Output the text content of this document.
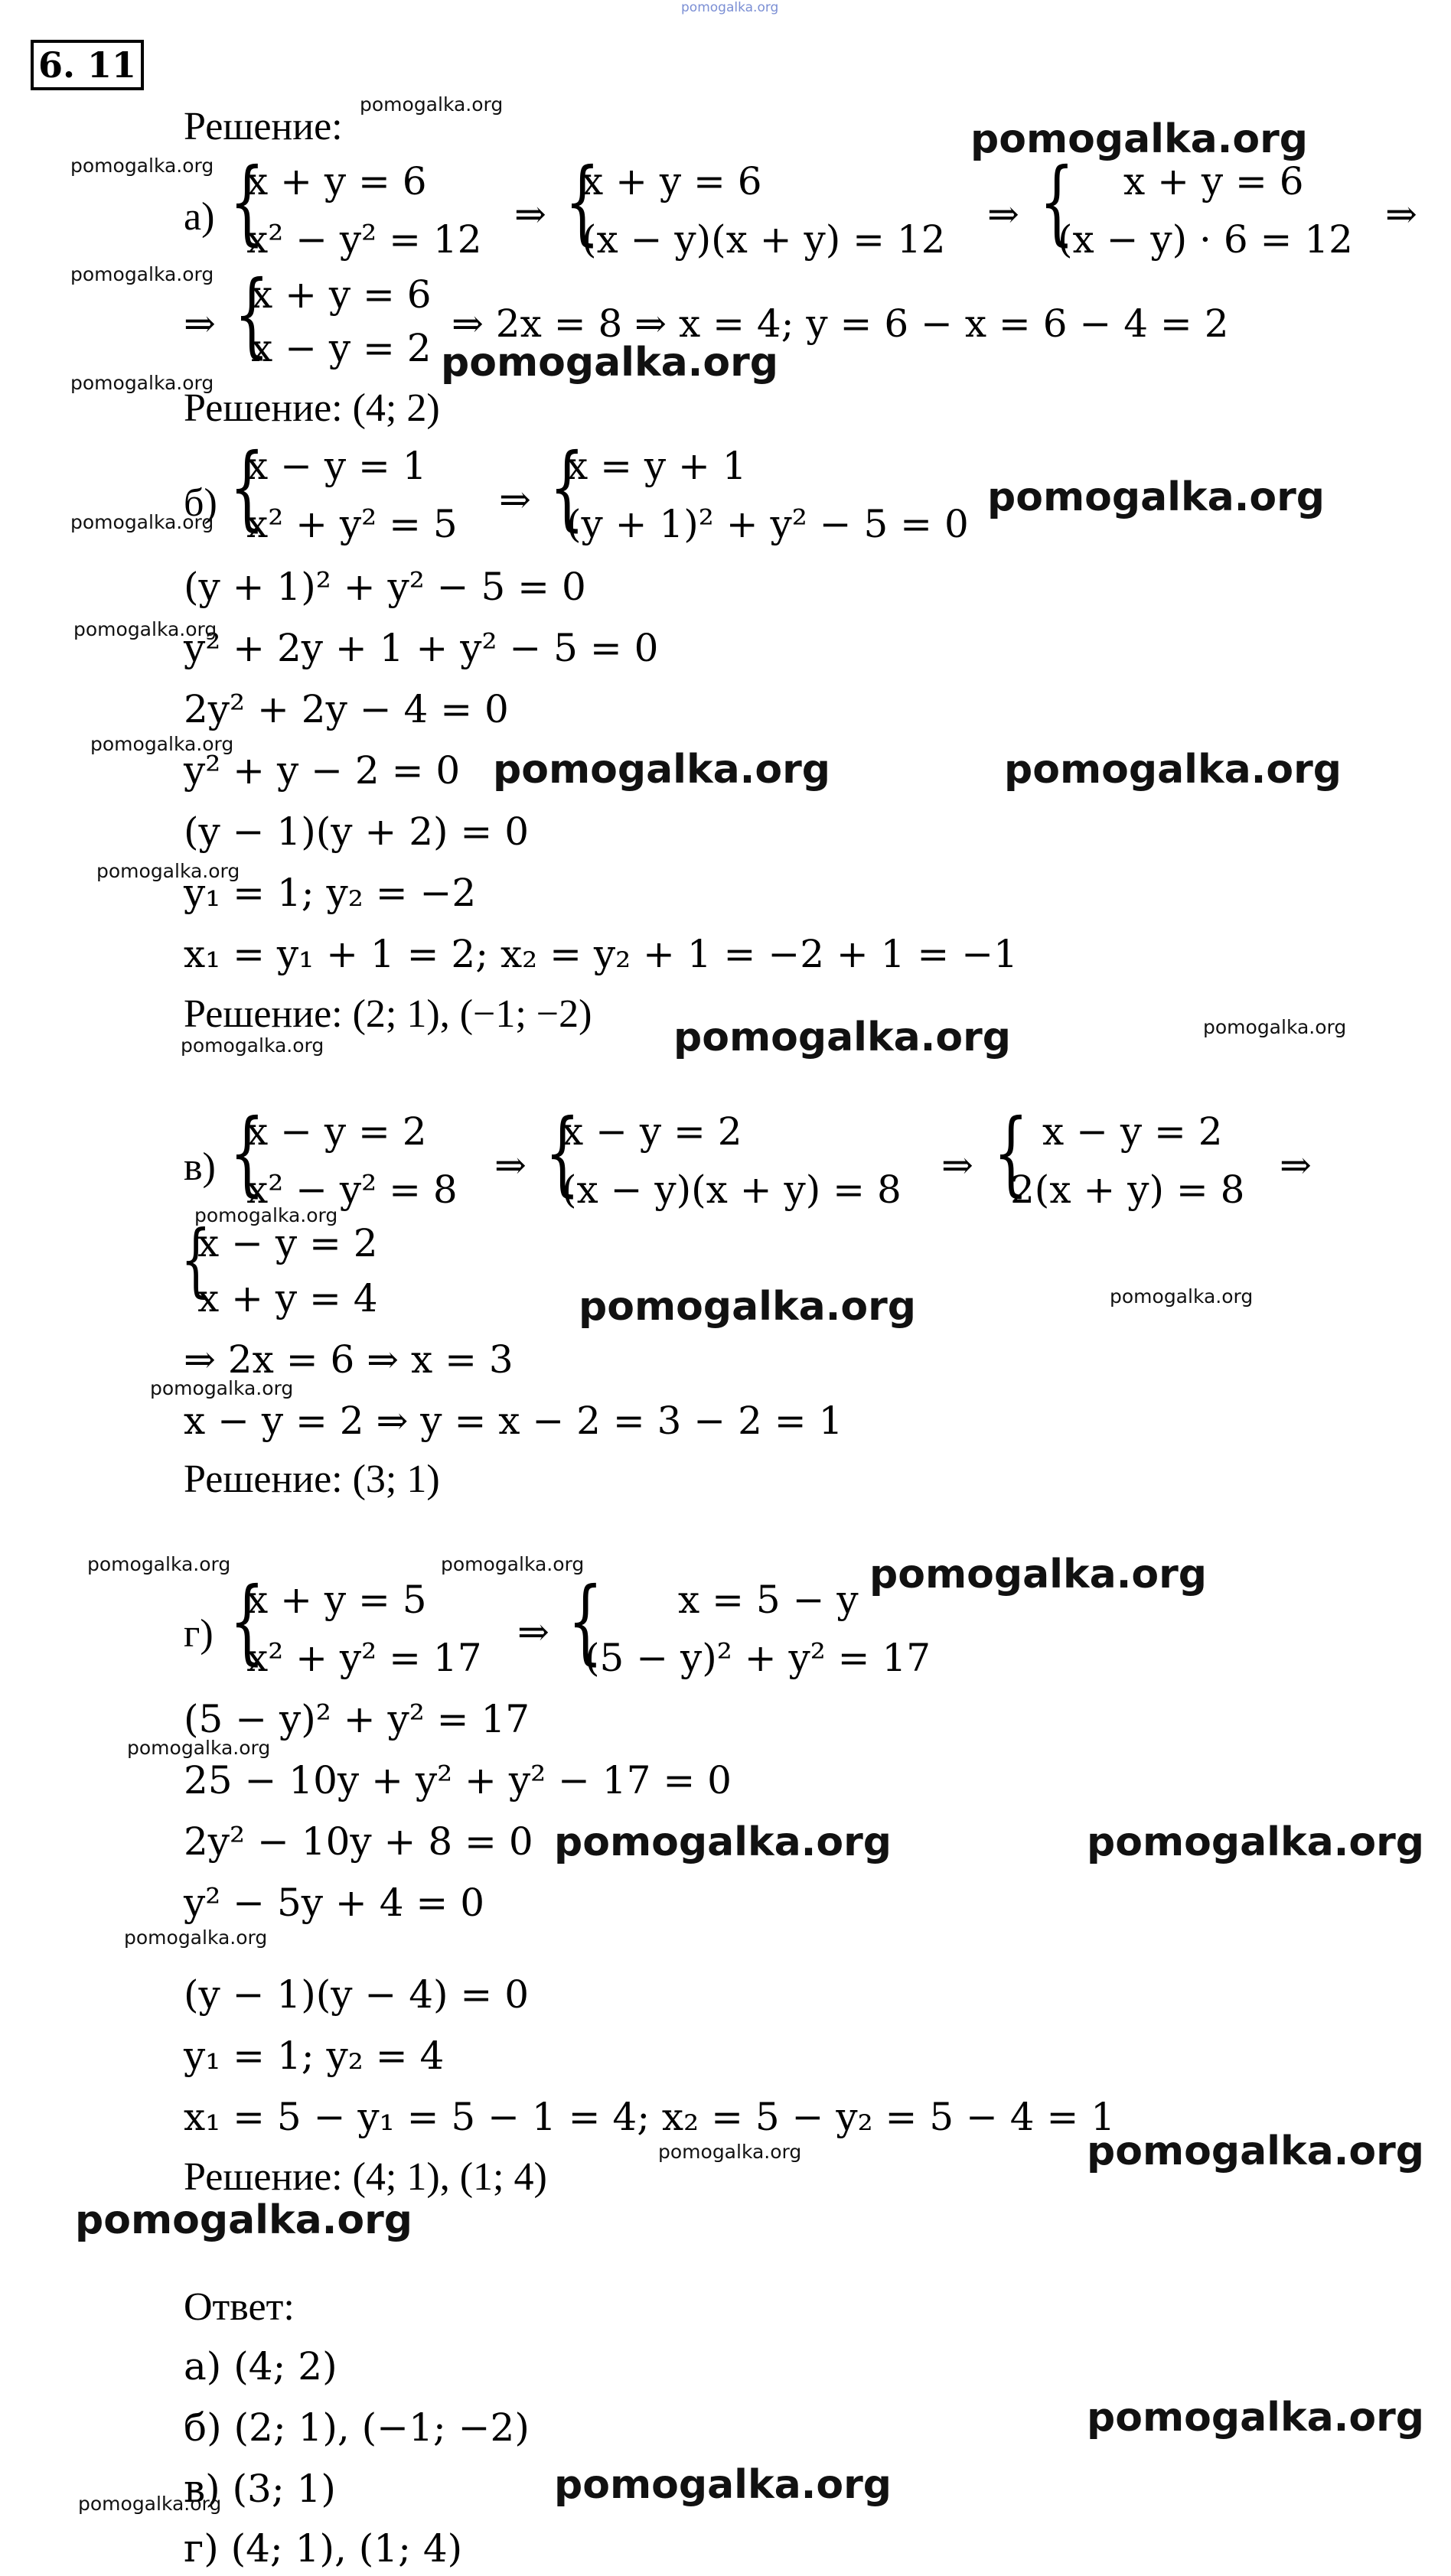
pomogalka.org
6. 11
Решение:
а) {
x + y = 6
x² − y² = 12
⇒ {
x + y = 6
(x − y)(x + y) = 12
⇒ { x + y = 6
(x − y) · 6 = 12
⇒
⇒ {
x + y = 6
x − y = 2
⇒ 2x = 8 ⇒ x = 4; y = 6 − x = 6 − 4 = 2
Решение: (4; 2)
б) {
x − y = 1
x² + y² = 5
⇒ {
x = y + 1
(y + 1)² + y² − 5 = 0
(y + 1)² + y² − 5 = 0
y² + 2y + 1 + y² − 5 = 0
2y² + 2y − 4 = 0
y² + y − 2 = 0
(y − 1)(y + 2) = 0
y₁ = 1; y₂ = −2
x₁ = y₁ + 1 = 2; x₂ = y₂ + 1 = −2 + 1 = −1
Решение: (2; 1), (−1; −2)
в) {
x − y = 2
x² − y² = 8
⇒ {
x − y = 2
(x − y)(x + y) = 8
⇒ { x − y = 2
2(x + y) = 8
⇒
{
x − y = 2
x + y = 4
⇒ 2x = 6 ⇒ x = 3
x − y = 2 ⇒ y = x − 2 = 3 − 2 = 1
Решение: (3; 1)
г) {
x + y = 5
x² + y² = 17
⇒ { x = 5 − y
(5 − y)² + y² = 17
(5 − y)² + y² = 17
25 − 10y + y² + y² − 17 = 0
2y² − 10y + 8 = 0
y² − 5y + 4 = 0
(y − 1)(y − 4) = 0
y₁ = 1; y₂ = 4
x₁ = 5 − y₁ = 5 − 1 = 4; x₂ = 5 − y₂ = 5 − 4 = 1
Решение: (4; 1), (1; 4)
Ответ:
а) (4; 2)
б) (2; 1), (−1; −2)
в) (3; 1)
г) (4; 1), (1; 4)
pomogalka.org
pomogalka.org
pomogalka.org
pomogalka.org
pomogalka.org
pomogalka.org
pomogalka.org
pomogalka.org
pomogalka.org
pomogalka.org
pomogalka.org	pomogalka.org
pomogalka.org
pomogalka.org	pomogalka.org	pomogalka.org
pomogalka.org
pomogalka.org	pomogalka.org
pomogalka.org
pomogalka.org	pomogalka.org	pomogalka.org
pomogalka.org
pomogalka.org	pomogalka.org
pomogalka.org
pomogalka.org	pomogalka.org
pomogalka.org
pomogalka.org
pomogalka.org	pomogalka.org
